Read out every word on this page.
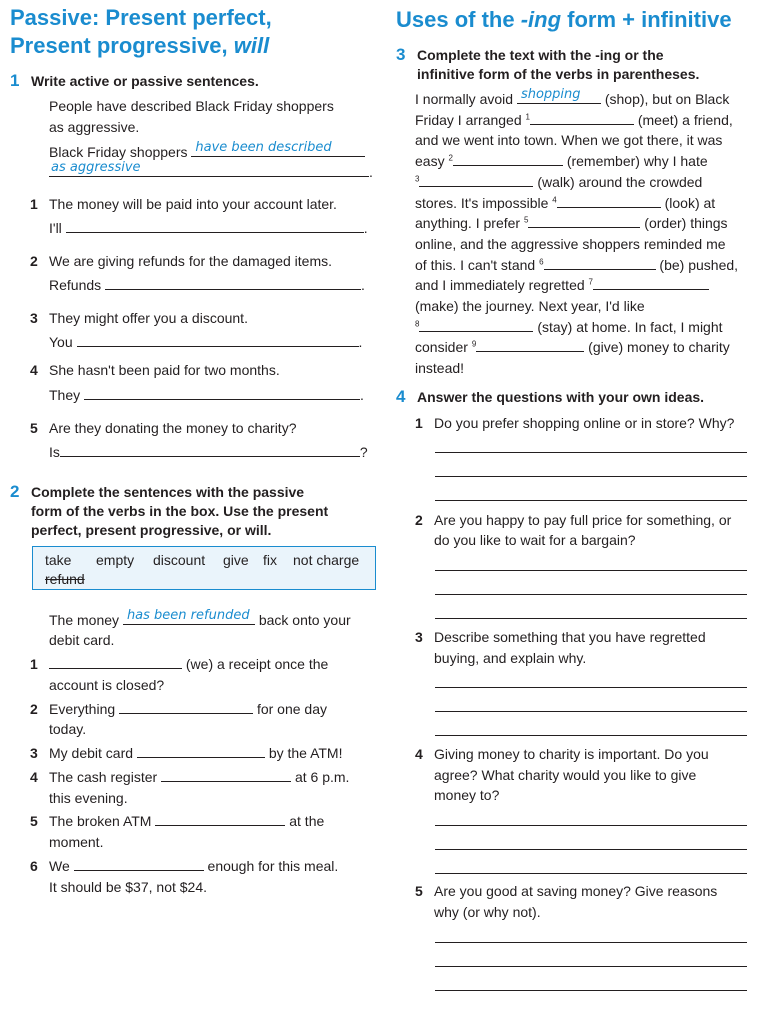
Passive: Present perfect,
Present progressive, will
1 Write active or passive sentences.
People have described Black Friday shoppers
as aggressive.
Black Friday shoppers have been described
as aggressive	.
1 The money will be paid into your account later.
I'll	.
2 We are giving refunds for the damaged items.
Refunds	.
3 They might offer you a discount.
You	.
4 She hasn't been paid for two months.
They	.
5 Are they donating the money to charity?
Is	?
2 Complete the sentences with the passive
form of the verbs in the box. Use the present
perfect, present progressive, or will.
take empty discount give fix not charge
refund
The money has been refunded back onto your
debit card.
1	(we) a receipt once the
account is closed?
2 Everything	for one day
today.
3 My debit card	by the ATM!
4 The cash register	at 6 p.m.
this evening.
5 The broken ATM	at the
moment.
6 We	enough for this meal.
It should be $37, not $24.
Uses of the -ing form + infinitive
3 Complete the text with the -ing or the
infinitive form of the verbs in parentheses.
I normally avoid shopping (shop), but on Black
Friday I arranged $^1$	(meet) a friend,
and we went into town. When we got there, it was
easy $^2$	(remember) why I hate
$^3$	(walk) around the crowded
stores. It's impossible $^4$	(look) at
anything. I prefer $^5$	(order) things
online, and the aggressive shoppers reminded me
of this. I can't stand $^6$	(be) pushed,
and I immediately regretted $^7$
(make) the journey. Next year, I'd like
$^8$	(stay) at home. In fact, I might
consider $^9$	(give) money to charity
instead!
4 Answer the questions with your own ideas.
1 Do you prefer shopping online or in store? Why?
2 Are you happy to pay full price for something, or
do you like to wait for a bargain?
3 Describe something that you have regretted
buying, and explain why.
4 Giving money to charity is important. Do you
agree? What charity would you like to give
money to?
5 Are you good at saving money? Give reasons
why (or why not).
